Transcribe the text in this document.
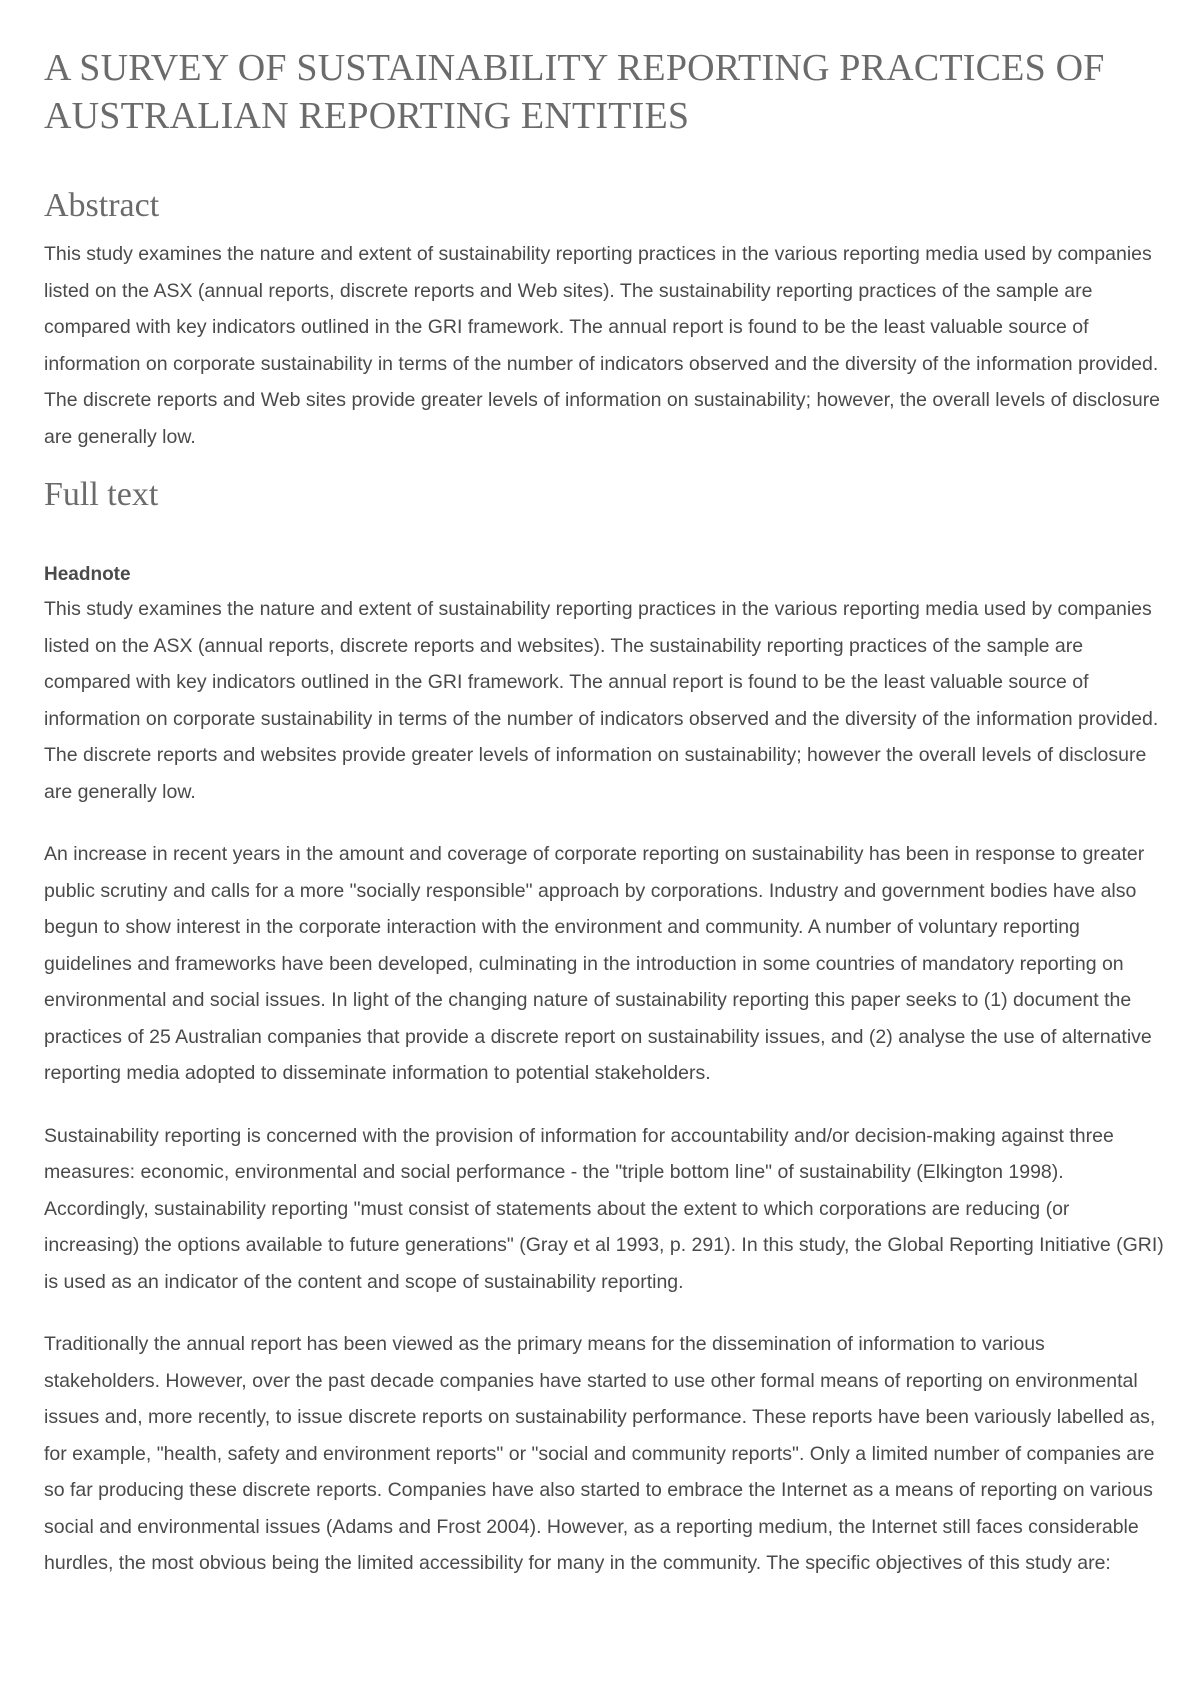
A SURVEY OF SUSTAINABILITY REPORTING PRACTICES OF AUSTRALIAN REPORTING ENTITIES
Abstract

This study examines the nature and extent of sustainability reporting practices in the various reporting media used by companies listed on the ASX (annual reports, discrete reports and Web sites). The sustainability reporting practices of the sample are compared with key indicators outlined in the GRI framework. The annual report is found to be the least valuable source of information on corporate sustainability in terms of the number of indicators observed and the diversity of the information provided. The discrete reports and Web sites provide greater levels of information on sustainability; however, the overall levels of disclosure are generally low.

Full text
Headnote

This study examines the nature and extent of sustainability reporting practices in the various reporting media used by companies listed on the ASX (annual reports, discrete reports and websites). The sustainability reporting practices of the sample are compared with key indicators outlined in the GRI framework. The annual report is found to be the least valuable source of information on corporate sustainability in terms of the number of indicators observed and the diversity of the information provided. The discrete reports and websites provide greater levels of information on sustainability; however the overall levels of disclosure are generally low.

An increase in recent years in the amount and coverage of corporate reporting on sustainability has been in response to greater public scrutiny and calls for a more "socially responsible" approach by corporations. Industry and government bodies have also begun to show interest in the corporate interaction with the environment and community. A number of voluntary reporting guidelines and frameworks have been developed, culminating in the introduction in some countries of mandatory reporting on environmental and social issues. In light of the changing nature of sustainability reporting this paper seeks to (1) document the practices of 25 Australian companies that provide a discrete report on sustainability issues, and (2) analyse the use of alternative reporting media adopted to disseminate information to potential stakeholders.

Sustainability reporting is concerned with the provision of information for accountability and/or decision-making against three measures: economic, environmental and social performance - the "triple bottom line" of sustainability (Elkington 1998). Accordingly, sustainability reporting "must consist of statements about the extent to which corporations are reducing (or increasing) the options available to future generations" (Gray et al 1993, p. 291). In this study, the Global Reporting Initiative (GRI) is used as an indicator of the content and scope of sustainability reporting.

Traditionally the annual report has been viewed as the primary means for the dissemination of information to various stakeholders. However, over the past decade companies have started to use other formal means of reporting on environmental issues and, more recently, to issue discrete reports on sustainability performance. These reports have been variously labelled as, for example, "health, safety and environment reports" or "social and community reports". Only a limited number of companies are so far producing these discrete reports. Companies have also started to embrace the Internet as a means of reporting on various social and environmental issues (Adams and Frost 2004). However, as a reporting medium, the Internet still faces considerable hurdles, the most obvious being the limited accessibility for many in the community. The specific objectives of this study are:
